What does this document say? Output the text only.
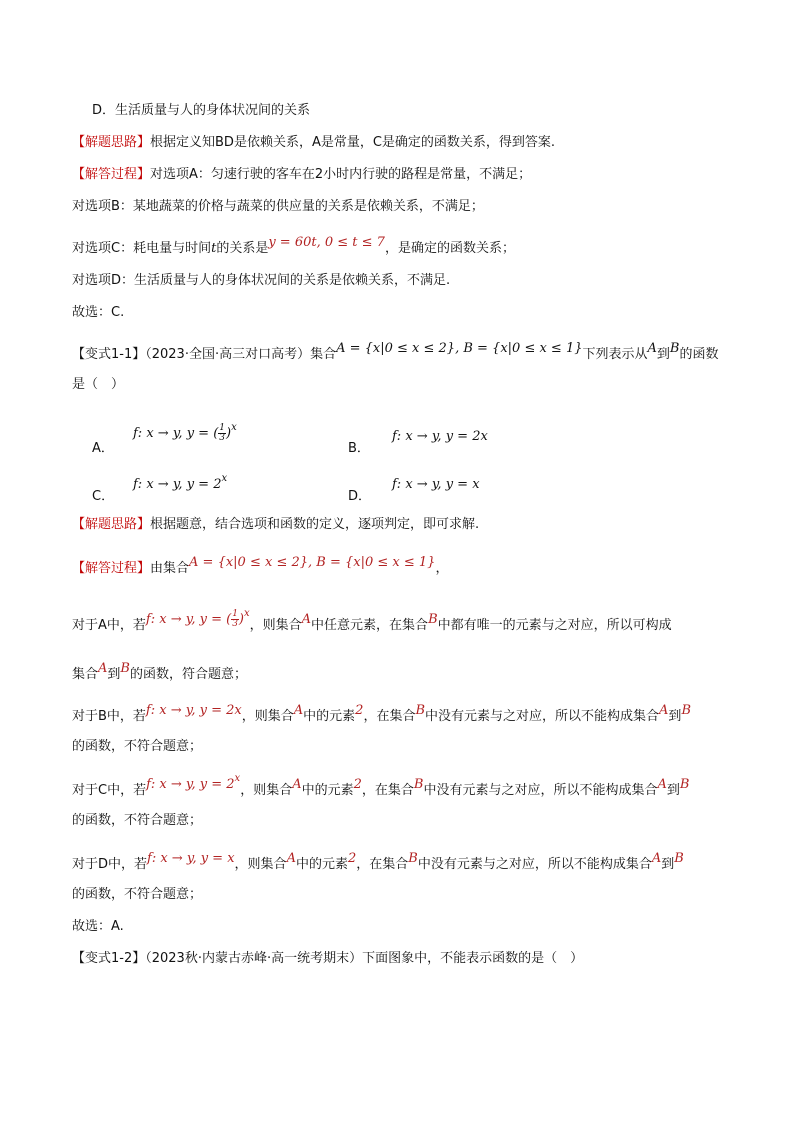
D．生活质量与人的身体状况间的关系
【解题思路】根据定义知BD是依赖关系，A是常量，C是确定的函数关系，得到答案.
【解答过程】对选项A：匀速行驶的客车在2小时内行驶的路程是常量，不满足；
对选项B：某地蔬菜的价格与蔬菜的供应量的关系是依赖关系，不满足；
对选项C：耗电量与时间t的关系是y = 60t, 0 ≤ t ≤ 7，是确定的函数关系；
对选项D：生活质量与人的身体状况间的关系是依赖关系，不满足.
故选：C.
【变式1-1】（2023·全国·高三对口高考）集合A = {x|0 ≤ x ≤ 2}, B = {x|0 ≤ x ≤ 1}下列表示从A到B的函数
是（　）
A．
f: x → y, y = ( $\frac{1}{3} )^x$
B．
f: x → y, y = 2x
C．
f: x → y, $y = 2^x$
D．
f: x → y, y = x
【解题思路】根据题意，结合选项和函数的定义，逐项判定，即可求解.
【解答过程】由集合A = {x|0 ≤ x ≤ 2}, B = {x|0 ≤ x ≤ 1}，
对于A中，若f: x → y, y = ( $\frac{1}{3} )^x$，则集合A中任意元素，在集合B中都有唯一的元素与之对应，所以可构成
集合A到B的函数，符合题意；
对于B中，若f: x → y, y = 2x，则集合A中的元素2，在集合B中没有元素与之对应，所以不能构成集合A到B
的函数，不符合题意；
对于C中，若f: x → y, $y = 2^x$，则集合A中的元素2，在集合B中没有元素与之对应，所以不能构成集合A到B
的函数，不符合题意；
对于D中，若f: x → y, y = x，则集合A中的元素2，在集合B中没有元素与之对应，所以不能构成集合A到B
的函数，不符合题意；
故选：A.
【变式1-2】（2023秋·内蒙古赤峰·高一统考期末）下面图象中，不能表示函数的是（　）
